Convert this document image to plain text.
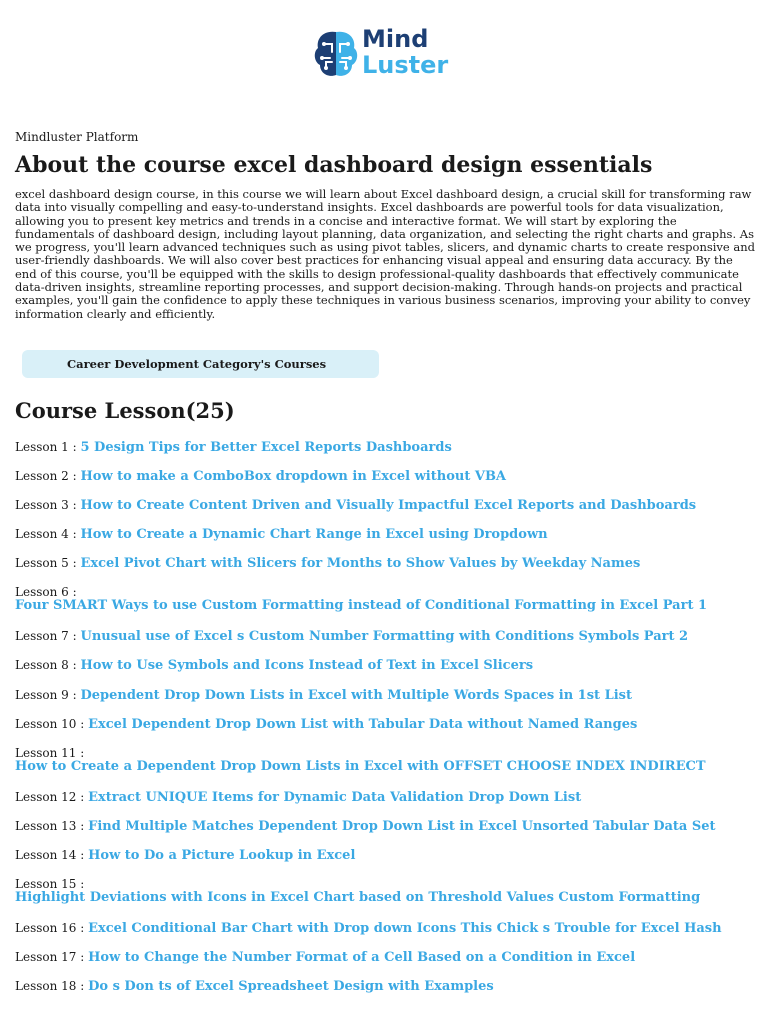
Mind
Luster
Mindluster Platform
About the course excel dashboard design essentials

excel dashboard design course, in this course we will learn about Excel dashboard design, a crucial skill for transforming raw data into visually compelling and easy-to-understand insights. Excel dashboards are powerful tools for data visualization, allowing you to present key metrics and trends in a concise and interactive format. We will start by exploring the fundamentals of dashboard design, including layout planning, data organization, and selecting the right charts and graphs. As we progress, you'll learn advanced techniques such as using pivot tables, slicers, and dynamic charts to create responsive and user-friendly dashboards. We will also cover best practices for enhancing visual appeal and ensuring data accuracy. By the end of this course, you'll be equipped with the skills to design professional-quality dashboards that effectively communicate data-driven insights, streamline reporting processes, and support decision-making. Through hands-on projects and practical examples, you'll gain the confidence to apply these techniques in various business scenarios, improving your ability to convey information clearly and efficiently.

Career Development Category's Courses
Course Lesson(25)
Lesson 1 : 5 Design Tips for Better Excel Reports Dashboards
Lesson 2 : How to make a ComboBox dropdown in Excel without VBA
Lesson 3 : How to Create Content Driven and Visually Impactful Excel Reports and Dashboards
Lesson 4 : How to Create a Dynamic Chart Range in Excel using Dropdown
Lesson 5 : Excel Pivot Chart with Slicers for Months to Show Values by Weekday Names
Lesson 6 :
Four SMART Ways to use Custom Formatting instead of Conditional Formatting in Excel Part 1
Lesson 7 : Unusual use of Excel s Custom Number Formatting with Conditions Symbols Part 2
Lesson 8 : How to Use Symbols and Icons Instead of Text in Excel Slicers
Lesson 9 : Dependent Drop Down Lists in Excel with Multiple Words Spaces in 1st List
Lesson 10 : Excel Dependent Drop Down List with Tabular Data without Named Ranges
Lesson 11 :
How to Create a Dependent Drop Down Lists in Excel with OFFSET CHOOSE INDEX INDIRECT
Lesson 12 : Extract UNIQUE Items for Dynamic Data Validation Drop Down List
Lesson 13 : Find Multiple Matches Dependent Drop Down List in Excel Unsorted Tabular Data Set
Lesson 14 : How to Do a Picture Lookup in Excel
Lesson 15 :
Highlight Deviations with Icons in Excel Chart based on Threshold Values Custom Formatting
Lesson 16 : Excel Conditional Bar Chart with Drop down Icons This Chick s Trouble for Excel Hash
Lesson 17 : How to Change the Number Format of a Cell Based on a Condition in Excel
Lesson 18 : Do s Don ts of Excel Spreadsheet Design with Examples
